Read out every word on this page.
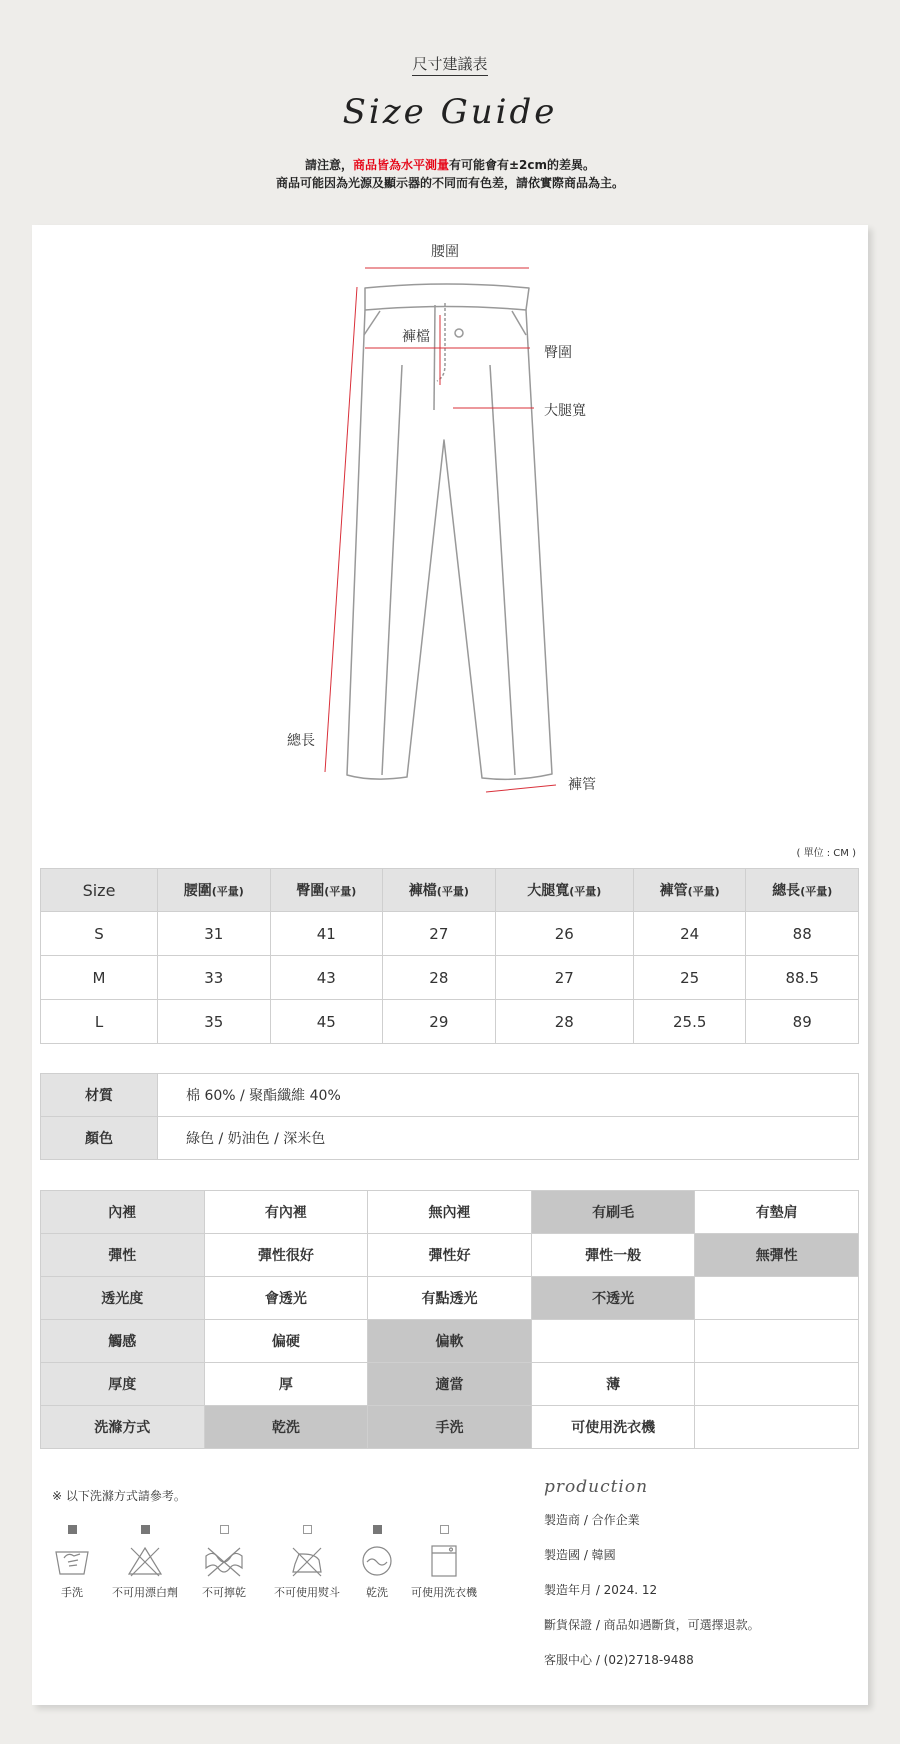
尺寸建議表
Size Guide
請注意，商品皆為水平測量有可能會有±2cm的差異。
商品可能因為光源及顯示器的不同而有色差，請依實際商品為主。
腰圍
褲檔
臀圍
大腿寬
總長
褲管
( 單位 : CM )
Size	腰圍(平量)	臀圍(平量)	褲檔(平量)	大腿寬(平量)	褲管(平量)	總長(平量)
S	31	41	27	26	24	88
M	33	43	28	27	25	88.5
L	35	45	29	28	25.5	89
材質	棉 60% / 聚酯纖維 40%
顏色	綠色 / 奶油色 / 深米色
內裡	有內裡	無內裡	有刷毛	有墊肩
彈性	彈性很好	彈性好	彈性一般	無彈性
透光度	會透光	有點透光	不透光	
觸感	偏硬	偏軟		
厚度	厚	適當	薄	
洗滌方式	乾洗	手洗	可使用洗衣機	
※ 以下洗滌方式請參考。
手洗	不可用漂白劑 不可擰乾	不可使用熨斗	乾洗	可使用洗衣機
production
製造商 / 合作企業
製造國 / 韓國
製造年月 / 2024. 12
斷貨保證 / 商品如遇斷貨，可選擇退款。
客服中心 / (02)2718-9488
